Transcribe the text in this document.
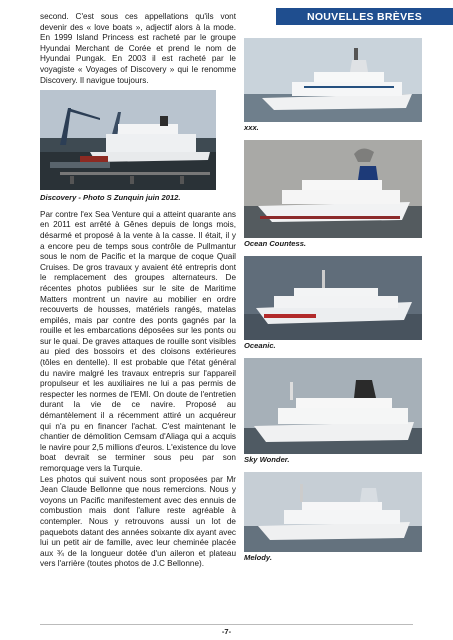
NOUVELLES BRÈVES

second. C'est sous ces appellations qu'ils vont devenir des « love boats », adjectif alors à la mode. En 1999 Island Princess est racheté par le groupe Hyundai Merchant de Corée et prend le nom de Hyundai Pungak. En 2003 il est racheté par le voyagiste « Voyages of Discovery » qui le renomme Discovery. Il navigue toujours.

Discovery - Photo S Zunquin juin 2012.

Par contre l'ex Sea Venture qui a atteint quarante ans en 2011 est arrêté à Gênes depuis de longs mois, désarmé et proposé à la vente à la casse. Il était, il y a encore peu de temps sous contrôle de Pullmantur sous le nom de Pacific et la marque de coque Quail Cruises. De gros travaux y avaient été entrepris dont le remplacement des groupes alternateurs. De récentes photos publiées sur le site de Maritime Matters montrent un navire au mobilier en ordre recouverts de housses, matériels rangés, matelas empilés, mais par contre des ponts gagnés par la rouille et les embarcations déposées sur les ponts ou sur le quai. De graves attaques de rouille sont visibles au pied des bossoirs et des cloisons extérieures (tôles en dentelle). Il est probable que l'état général du navire malgré les travaux entrepris sur l'appareil propulseur et les auxiliaires ne lui a pas permis de respecter les normes de l'EMI. On doute de l'entretien durant la vie de ce navire. Proposé au démantèlement il a récemment attiré un acquéreur qui n'a pu en financer l'achat. C'est maintenant le chantier de démolition Cemsam d'Aliaga qui a acquis le navire pour 2,5 millions d'euros. L'existence du love boat devrait se terminer sous peu par son remorquage vers la Turquie.

Les photos qui suivent nous sont proposées par Mr Jean Claude Bellonne que nous remercions. Nous y voyons un Pacific manifestement avec des ennuis de combustion mais dont l'allure reste agréable à contempler. Nous y retrouvons aussi un lot de paquebots datant des années soixante dix ayant avec lui un petit air de famille, avec leur cheminée placée aux ¾ de la longueur dotée d'un aileron et plateau vers l'arrière (toutes photos de J.C Bellonne).

xxx.
Ocean Countess.
Oceanic.
Sky Wonder.
Melody.
-7-
